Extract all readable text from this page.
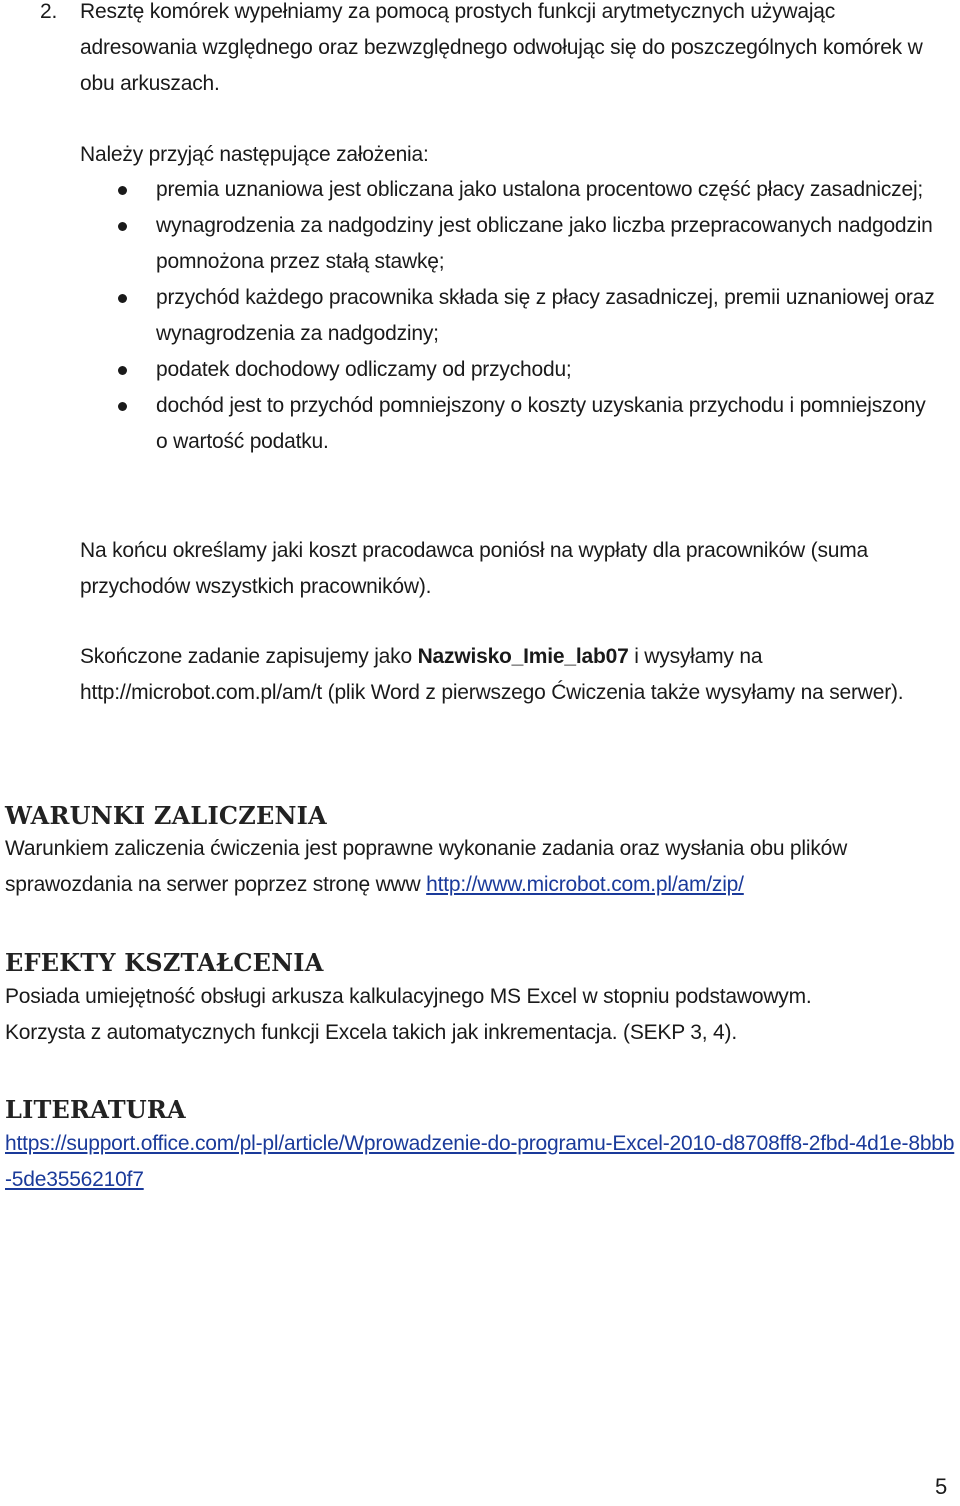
2. Resztę komórek wypełniamy za pomocą prostych funkcji arytmetycznych używając adresowania względnego oraz bezwzględnego odwołując się do poszczególnych komórek w obu arkuszach.

Należy przyjąć następujące założenia:

premia uznaniowa jest obliczana jako ustalona procentowo część płacy zasadniczej;
wynagrodzenia za nadgodziny jest obliczane jako liczba przepracowanych nadgodzin pomnożona przez stałą stawkę;
przychód każdego pracownika składa się z płacy zasadniczej, premii uznaniowej oraz wynagrodzenia za nadgodziny;
podatek dochodowy odliczamy od przychodu;
dochód jest to przychód pomniejszony o koszty uzyskania przychodu i pomniejszony o wartość podatku.

Na końcu określamy jaki koszt pracodawca poniósł na wypłaty dla pracowników (suma przychodów wszystkich pracowników).

Skończone zadanie zapisujemy jako Nazwisko_Imie_lab07 i wysyłamy na http://microbot.com.pl/am/t (plik Word z pierwszego Ćwiczenia także wysyłamy na serwer).

WARUNKI ZALICZENIA

Warunkiem zaliczenia ćwiczenia jest poprawne wykonanie zadania oraz wysłania obu plików sprawozdania na serwer poprzez stronę www http://www.microbot.com.pl/am/zip/

EFEKTY KSZTAŁCENIA

Posiada umiejętność obsługi arkusza kalkulacyjnego MS Excel w stopniu podstawowym.
Korzysta z automatycznych funkcji Excela takich jak inkrementacja. (SEKP 3, 4).

LITERATURA

https://support.office.com/pl-pl/article/Wprowadzenie-do-programu-Excel-2010-d8708ff8-2fbd-4d1e-8bbb-5de3556210f7

5
